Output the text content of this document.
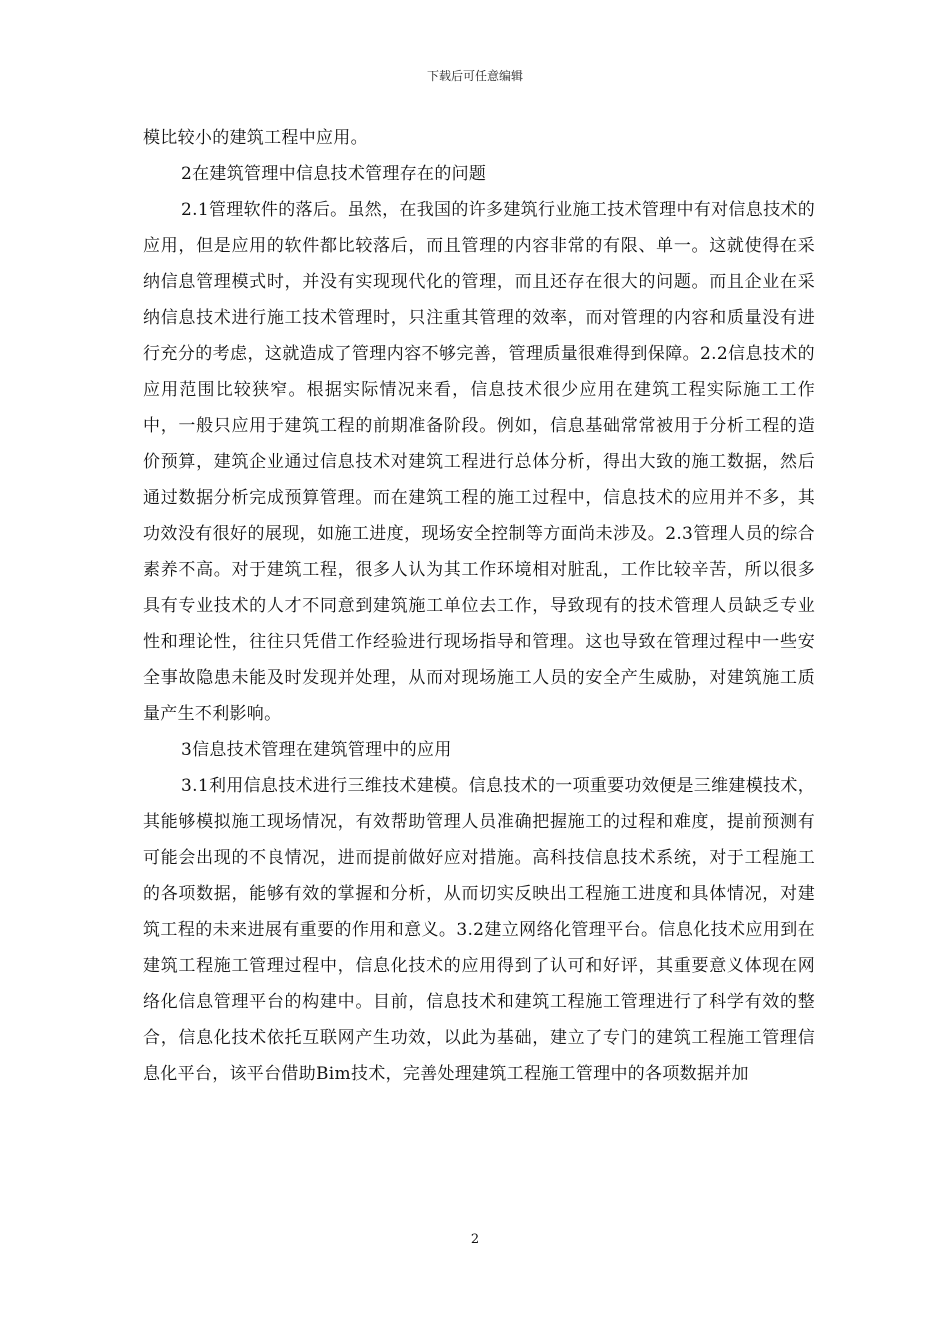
下载后可任意编辑

模比较小的建筑工程中应用。

2在建筑管理中信息技术管理存在的问题

2.1管理软件的落后。虽然，在我国的许多建筑行业施工技术管理中有对信息技术的应用，但是应用的软件都比较落后，而且管理的内容非常的有限、单一。这就使得在采纳信息管理模式时，并没有实现现代化的管理，而且还存在很大的问题。而且企业在采纳信息技术进行施工技术管理时，只注重其管理的效率，而对管理的内容和质量没有进行充分的考虑，这就造成了管理内容不够完善，管理质量很难得到保障。2.2信息技术的应用范围比较狭窄。根据实际情况来看，信息技术很少应用在建筑工程实际施工工作中，一般只应用于建筑工程的前期准备阶段。例如，信息基础常常被用于分析工程的造价预算，建筑企业通过信息技术对建筑工程进行总体分析，得出大致的施工数据，然后通过数据分析完成预算管理。而在建筑工程的施工过程中，信息技术的应用并不多，其功效没有很好的展现，如施工进度，现场安全控制等方面尚未涉及。2.3管理人员的综合素养不高。对于建筑工程，很多人认为其工作环境相对脏乱，工作比较辛苦，所以很多具有专业技术的人才不同意到建筑施工单位去工作，导致现有的技术管理人员缺乏专业性和理论性，往往只凭借工作经验进行现场指导和管理。这也导致在管理过程中一些安全事故隐患未能及时发现并处理，从而对现场施工人员的安全产生威胁，对建筑施工质量产生不利影响。

3信息技术管理在建筑管理中的应用

3.1利用信息技术进行三维技术建模。信息技术的一项重要功效便是三维建模技术，其能够模拟施工现场情况，有效帮助管理人员准确把握施工的过程和难度，提前预测有可能会出现的不良情况，进而提前做好应对措施。高科技信息技术系统，对于工程施工的各项数据，能够有效的掌握和分析，从而切实反映出工程施工进度和具体情况，对建筑工程的未来进展有重要的作用和意义。3.2建立网络化管理平台。信息化技术应用到在建筑工程施工管理过程中，信息化技术的应用得到了认可和好评，其重要意义体现在网络化信息管理平台的构建中。目前，信息技术和建筑工程施工管理进行了科学有效的整合，信息化技术依托互联网产生功效，以此为基础，建立了专门的建筑工程施工管理信息化平台，该平台借助Bim技术，完善处理建筑工程施工管理中的各项数据并加

2
